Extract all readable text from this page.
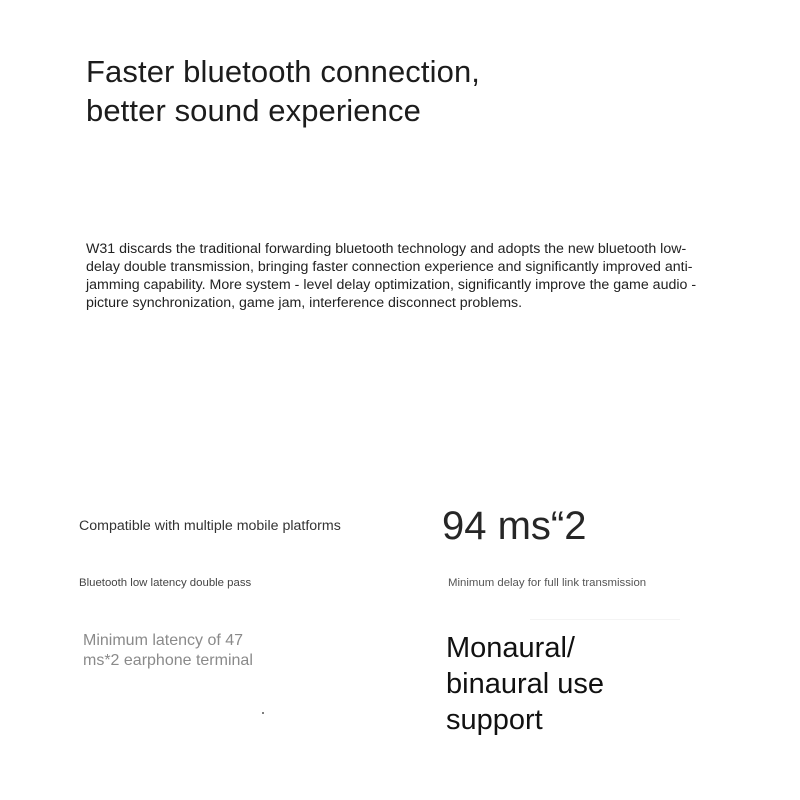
Faster bluetooth connection, better sound experience

W31 discards the traditional forwarding bluetooth technology and adopts the new bluetooth low-delay double transmission, bringing faster connection experience and significantly improved anti-jamming capability. More system - level delay optimization, significantly improve the game audio - picture synchronization, game jam, interference disconnect problems.

Compatible with multiple mobile platforms
Bluetooth low latency double pass
Minimum latency of 47 ms*2 earphone terminal
94 ms“2
Minimum delay for full link transmission
Monaural/ binaural use support
